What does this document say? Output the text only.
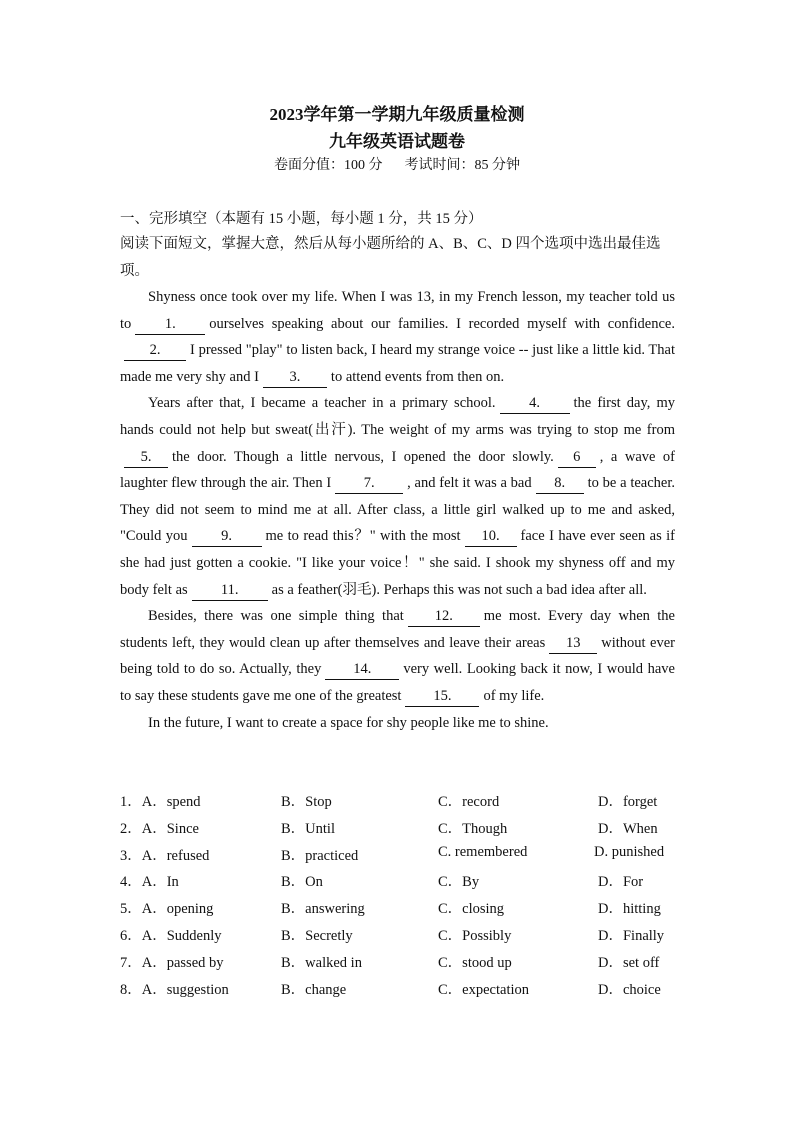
2023学年第一学期九年级质量检测
九年级英语试题卷
卷面分值：100 分 考试时间：85 分钟
一、完形填空（本题有 15 小题，每小题 1 分，共 15 分）
阅读下面短文，掌握大意，然后从每小题所给的 A、B、C、D 四个选项中选出最佳选项。

Shyness once took over my life. When I was 13, in my French lesson, my teacher told us to 1. ourselves speaking about our families. I recorded myself with confidence.2. I pressed "play" to listen back, I heard my strange voice -- just like a little kid. That made me very shy and I 3. to attend events from then on.

Years after that, I became a teacher in a primary school. 4. the first day, my hands could not help but sweat(出汗). The weight of my arms was trying to stop me from5. the door. Though a little nervous, I opened the door slowly. 6 , a wave of laughter flew through the air. Then I 7. , and felt it was a bad 8. to be a teacher. They did not seem to mind me at all. After class, a little girl walked up to me and asked, "Could you 9. me to read this？" with the most 10. face I have ever seen as if she had just gotten a cookie. "I like your voice！" she said. I shook my shyness off and my body felt as 11. as a feather(羽毛). Perhaps this was not such a bad idea after all.

Besides, there was one simple thing that 12. me most. Every day when the students left, they would clean up after themselves and leave their areas 13 without ever being told to do so. Actually, they 14. very well. Looking back it now, I would have to say these students gave me one of the greatest 15. of my life.

In the future, I want to create a space for shy people like me to shine.

1．A．spend	B．Stop	C．record	D．forget
2．A．Since	B．Until	C．Though	D．When
3．A．refused	B．practiced	C. remembered	D. punished
4．A．In	B．On	C．By	D．For
5．A．opening	B．answering	C．closing	D．hitting
6．A．Suddenly	B．Secretly	C．Possibly	D．Finally
7．A．passed by	B．walked in	C．stood up	D．set off
8．A．suggestion	B．change	C．expectation	D．choice
